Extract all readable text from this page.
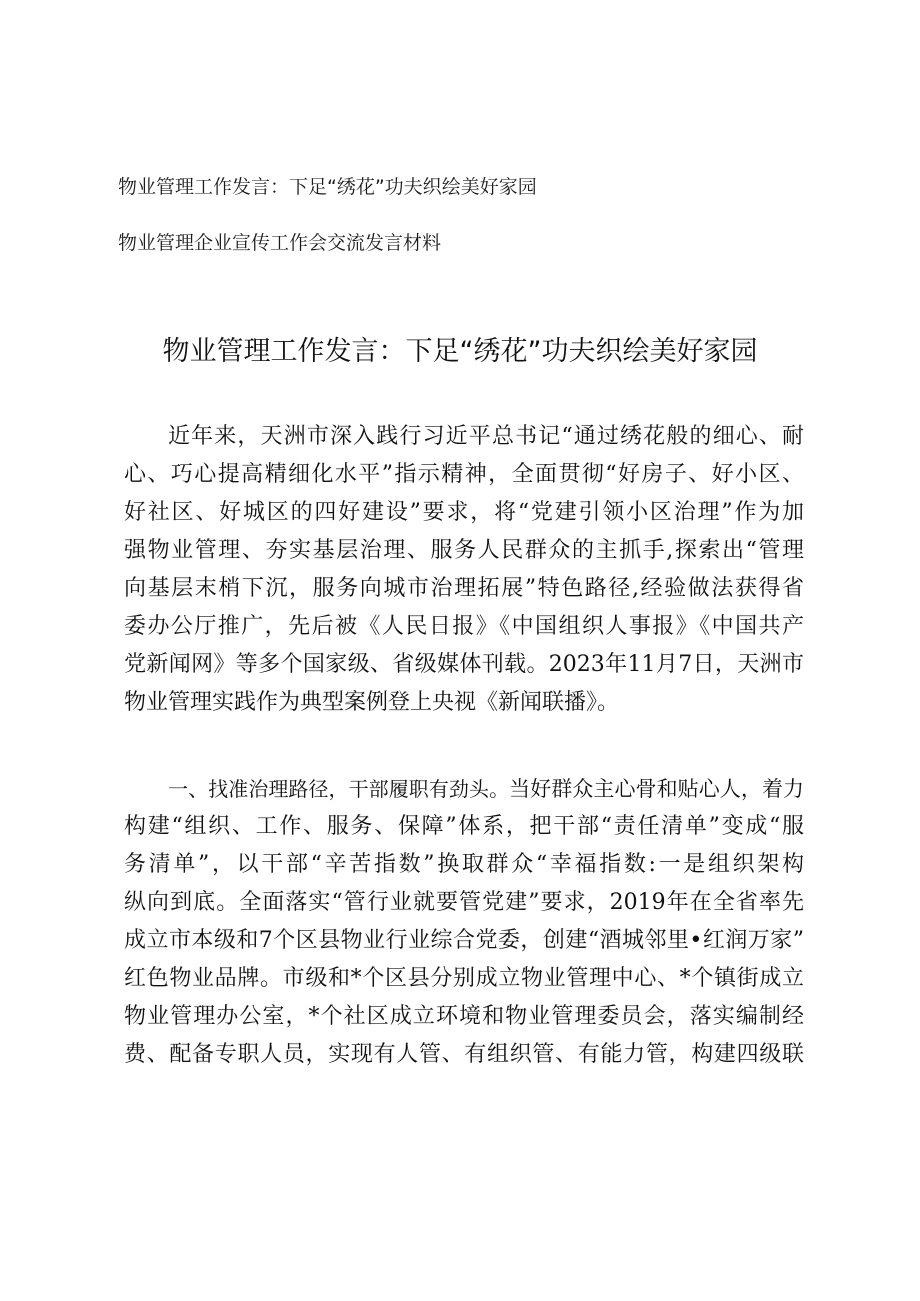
物业管理工作发言：下足“绣花”功夫织绘美好家园
物业管理企业宣传工作会交流发言材料
物业管理工作发言：下足“绣花”功夫织绘美好家园
近年来，天洲市深入践行习近平总书记“通过绣花般的细心、耐
心、巧心提高精细化水平”指示精神，全面贯彻“好房子、好小区、
好社区、好城区的四好建设”要求，将“党建引领小区治理”作为加
强物业管理、夯实基层治理、服务人民群众的主抓手,探索出“管理
向基层末梢下沉，服务向城市治理拓展”特色路径,经验做法获得省
委办公厅推广，先后被《人民日报》《中国组织人事报》《中国共产
党新闻网》等多个国家级、省级媒体刊载。2023年11月7日，天洲市
物业管理实践作为典型案例登上央视《新闻联播》。
一、找准治理路径，干部履职有劲头。当好群众主心骨和贴心人，着力
构建“组织、工作、服务、保障”体系，把干部“责任清单”变成“服
务清单”，以干部“辛苦指数”换取群众“幸福指数:一是组织架构
纵向到底。全面落实“管行业就要管党建”要求，2019年在全省率先
成立市本级和7个区县物业行业综合党委，创建“酒城邻里•红润万家”
红色物业品牌。市级和*个区县分别成立物业管理中心、*个镇街成立
物业管理办公室，*个社区成立环境和物业管理委员会，落实编制经
费、配备专职人员，实现有人管、有组织管、有能力管，构建四级联
